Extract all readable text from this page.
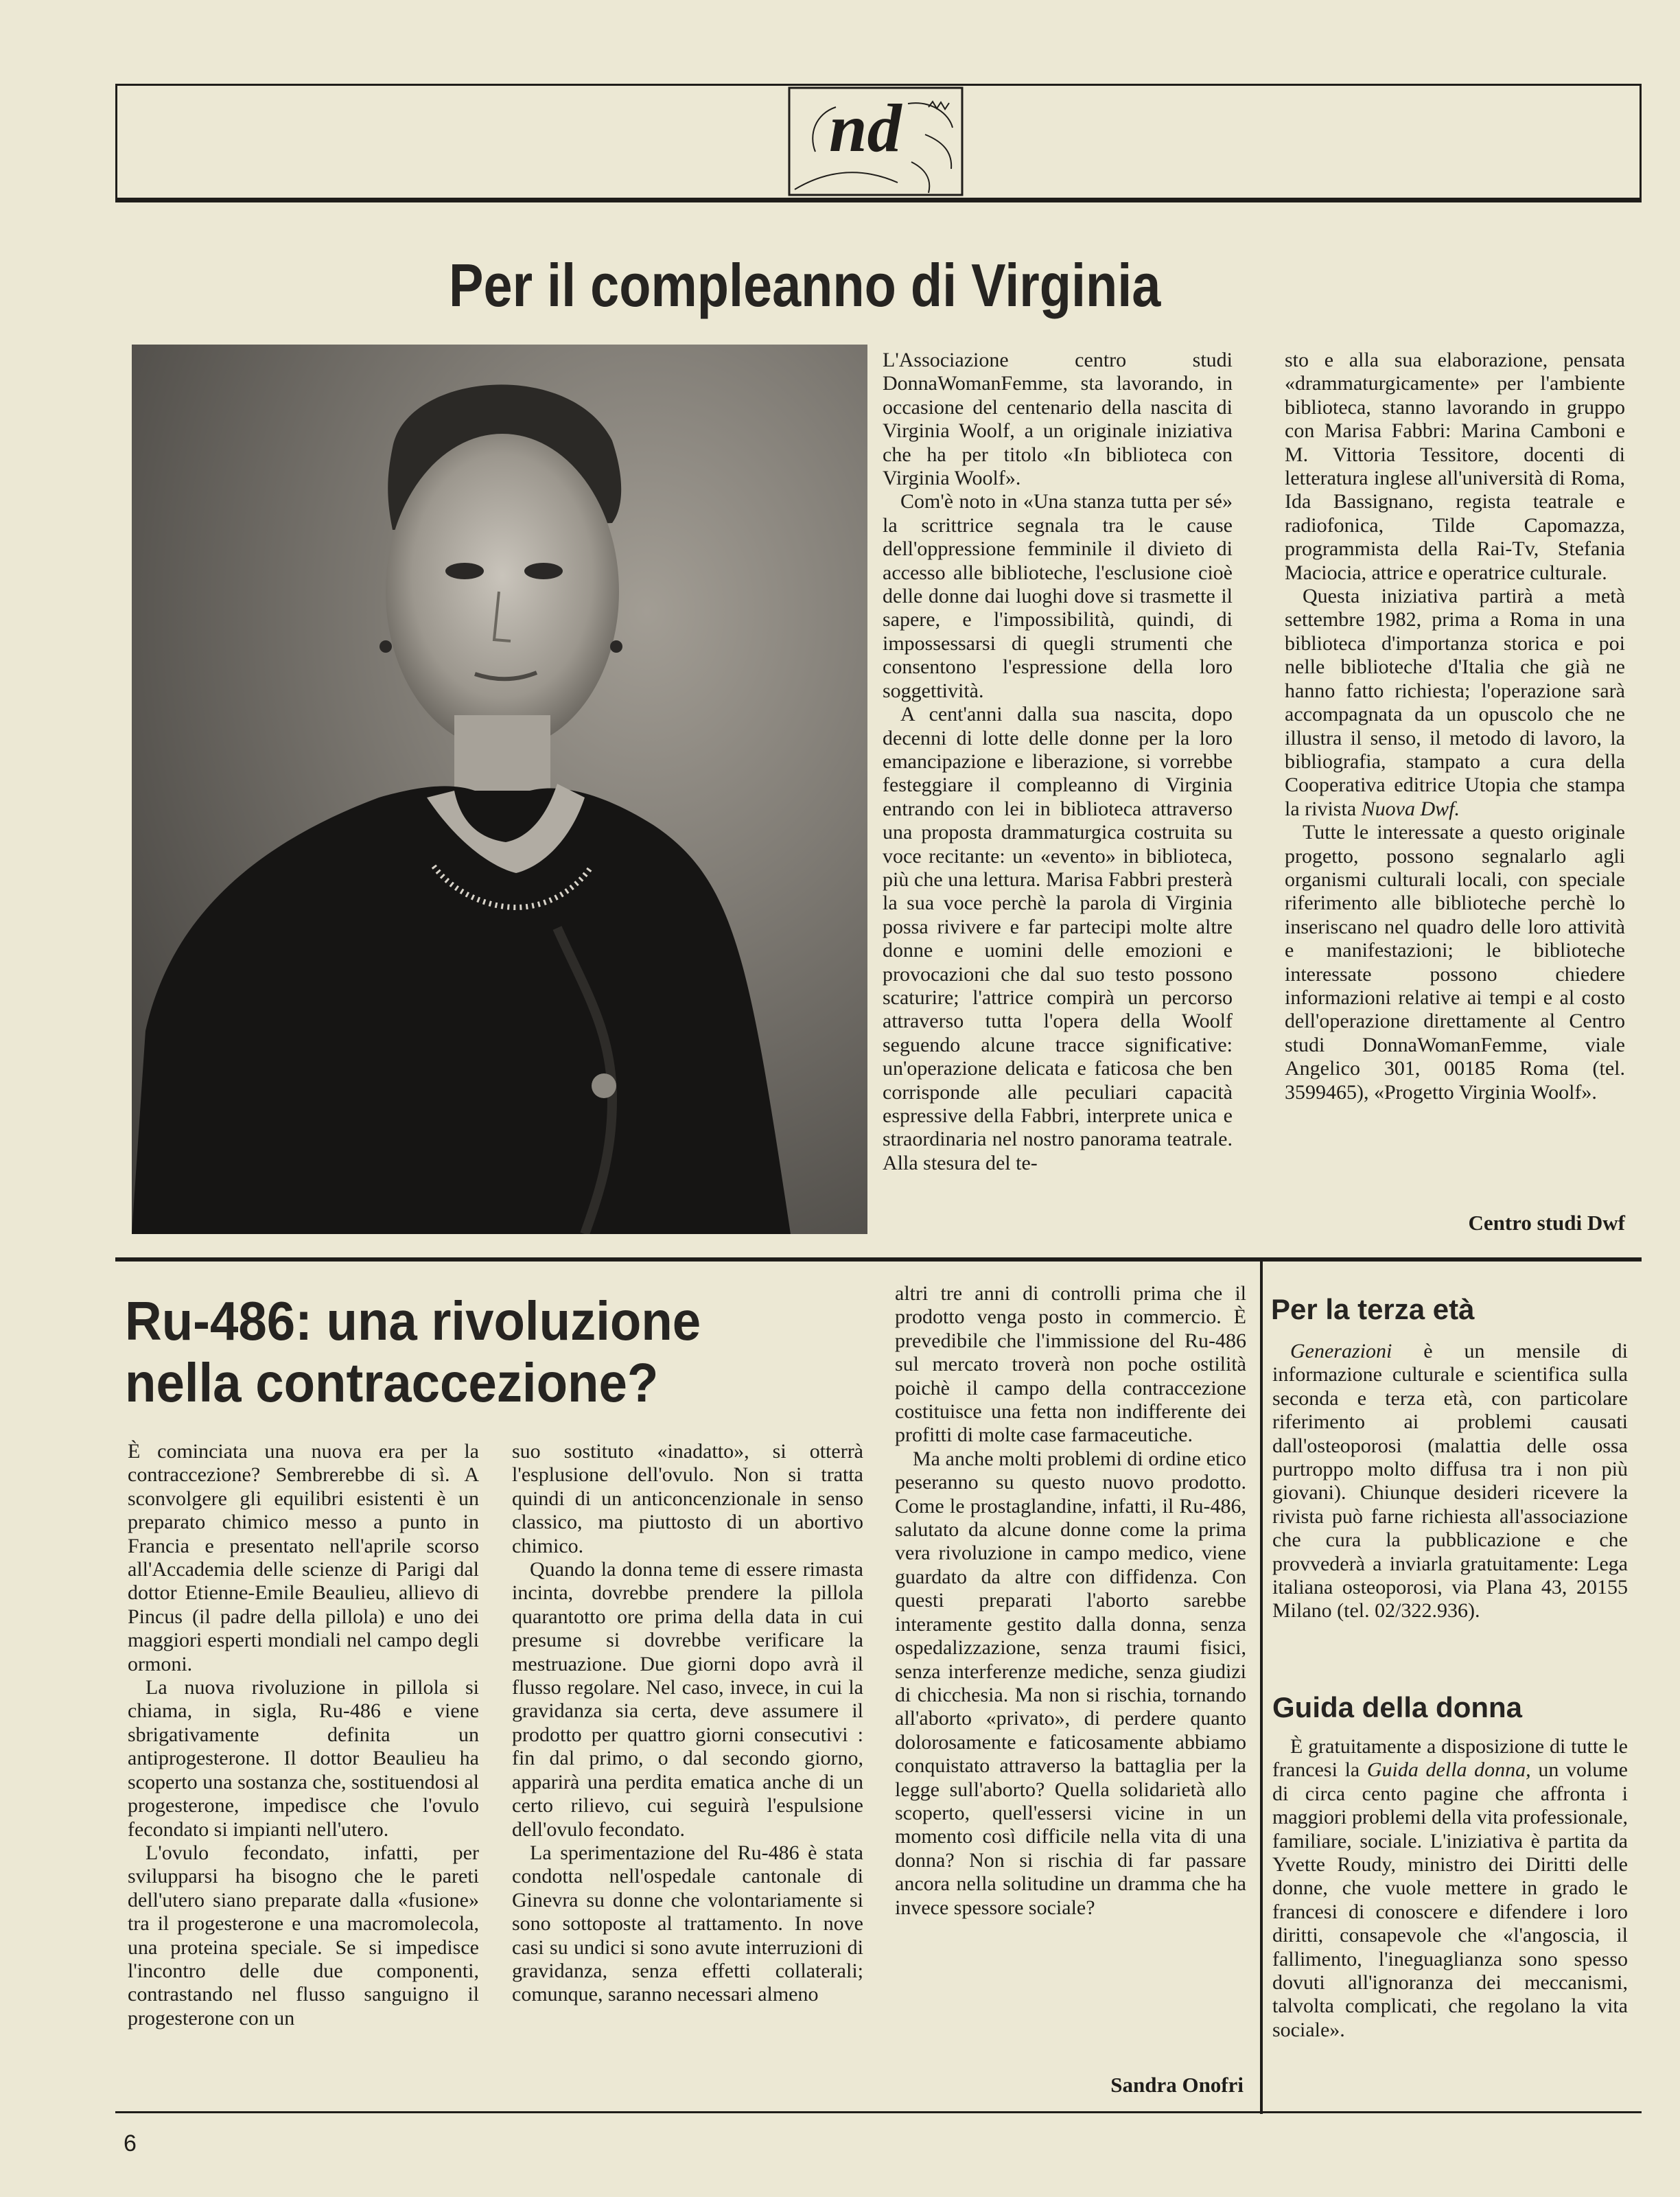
nd
Per il compleanno di Virginia

L'Associazione centro studi DonnaWomanFemme, sta lavorando, in occasione del centenario della nascita di Virginia Woolf, a un originale iniziativa che ha per titolo «In biblioteca con Virginia Woolf».

Com'è noto in «Una stanza tutta per sé» la scrittrice segnala tra le cause dell'oppressione femminile il divieto di accesso alle biblioteche, l'esclusione cioè delle donne dai luoghi dove si trasmette il sapere, e l'impossibilità, quindi, di impossessarsi di quegli strumenti che consentono l'espressione della loro soggettività.

A cent'anni dalla sua nascita, dopo decenni di lotte delle donne per la loro emancipazione e liberazione, si vorrebbe festeggiare il compleanno di Virginia entrando con lei in biblioteca attraverso una proposta drammaturgica costruita su voce recitante: un «evento» in biblioteca, più che una lettura. Marisa Fabbri presterà la sua voce perchè la parola di Virginia possa rivivere e far partecipi molte altre donne e uomini delle emozioni e provocazioni che dal suo testo possono scaturire; l'attrice compirà un percorso attraverso tutta l'opera della Woolf seguendo alcune tracce significative: un'operazione delicata e faticosa che ben corrisponde alle peculiari capacità espressive della Fabbri, interprete unica e straordinaria nel nostro panorama teatrale. Alla stesura del te-

sto e alla sua elaborazione, pensata «drammaturgicamente» per l'ambiente biblioteca, stanno lavorando in gruppo con Marisa Fabbri: Marina Camboni e M. Vittoria Tessitore, docenti di letteratura inglese all'università di Roma, Ida Bassignano, regista teatrale e radiofonica, Tilde Capomazza, programmista della Rai-Tv, Stefania Maciocia, attrice e operatrice culturale.

Questa iniziativa partirà a metà settembre 1982, prima a Roma in una biblioteca d'importanza storica e poi nelle biblioteche d'Italia che già ne hanno fatto richiesta; l'operazione sarà accompagnata da un opuscolo che ne illustra il senso, il metodo di lavoro, la bibliografia, stampato a cura della Cooperativa editrice Utopia che stampa la rivista Nuova Dwf.

Tutte le interessate a questo originale progetto, possono segnalarlo agli organismi culturali locali, con speciale riferimento alle biblioteche perchè lo inseriscano nel quadro delle loro attività e manifestazioni; le biblioteche interessate possono chiedere informazioni relative ai tempi e al costo dell'operazione direttamente al Centro studi DonnaWomanFemme, viale Angelico 301, 00185 Roma (tel. 3599465), «Progetto Virginia Woolf».

Centro studi Dwf
Ru-486: una rivoluzione
nella contraccezione?

È cominciata una nuova era per la contraccezione? Sembrerebbe di sì. A sconvolgere gli equilibri esistenti è un preparato chimico messo a punto in Francia e presentato nell'aprile scorso all'Accademia delle scienze di Parigi dal dottor Etienne-Emile Beaulieu, allievo di Pincus (il padre della pillola) e uno dei maggiori esperti mondiali nel campo degli ormoni.

La nuova rivoluzione in pillola si chiama, in sigla, Ru-486 e viene sbrigativamente definita un antiprogesterone. Il dottor Beaulieu ha scoperto una sostanza che, sostituendosi al progesterone, impedisce che l'ovulo fecondato si impianti nell'utero.

L'ovulo fecondato, infatti, per svilupparsi ha bisogno che le pareti dell'utero siano preparate dalla «fusione» tra il progesterone e una macromolecola, una proteina speciale. Se si impedisce l'incontro delle due componenti, contrastando nel flusso sanguigno il progesterone con un

suo sostituto «inadatto», si otterrà l'esplusione dell'ovulo. Non si tratta quindi di un anticoncenzionale in senso classico, ma piuttosto di un abortivo chimico.

Quando la donna teme di essere rimasta incinta, dovrebbe prendere la pillola quarantotto ore prima della data in cui presume si dovrebbe verificare la mestruazione. Due giorni dopo avrà il flusso regolare. Nel caso, invece, in cui la gravidanza sia certa, deve assumere il prodotto per quattro giorni consecutivi : fin dal primo, o dal secondo giorno, apparirà una perdita ematica anche di un certo rilievo, cui seguirà l'espulsione dell'ovulo fecondato.

La sperimentazione del Ru-486 è stata condotta nell'ospedale cantonale di Ginevra su donne che volontariamente si sono sottoposte al trattamento. In nove casi su undici si sono avute interruzioni di gravidanza, senza effetti collaterali; comunque, saranno necessari almeno

altri tre anni di controlli prima che il prodotto venga posto in commercio. È prevedibile che l'immissione del Ru-486 sul mercato troverà non poche ostilità poichè il campo della contraccezione costituisce una fetta non indifferente dei profitti di molte case farmaceutiche.

Ma anche molti problemi di ordine etico peseranno su questo nuovo prodotto. Come le prostaglandine, infatti, il Ru-486, salutato da alcune donne come la prima vera rivoluzione in campo medico, viene guardato da altre con diffidenza. Con questi preparati l'aborto sarebbe interamente gestito dalla donna, senza ospedalizzazione, senza traumi fisici, senza interferenze mediche, senza giudizi di chicchesia. Ma non si rischia, tornando all'aborto «privato», di perdere quanto dolorosamente e faticosamente abbiamo conquistato attraverso la battaglia per la legge sull'aborto? Quella solidarietà allo scoperto, quell'essersi vicine in un momento così difficile nella vita di una donna? Non si rischia di far passare ancora nella solitudine un dramma che ha invece spessore sociale?

Sandra Onofri
Per la terza età

Generazioni è un mensile di informazione culturale e scientifica sulla seconda e terza età, con particolare riferimento ai problemi causati dall'osteoporosi (malattia delle ossa purtroppo molto diffusa tra i non più giovani). Chiunque desideri ricevere la rivista può farne richiesta all'associazione che cura la pubblicazione e che provvederà a inviarla gratuitamente: Lega italiana osteoporosi, via Plana 43, 20155 Milano (tel. 02/322.936).

Guida della donna

È gratuitamente a disposizione di tutte le francesi la Guida della donna, un volume di circa cento pagine che affronta i maggiori problemi della vita professionale, familiare, sociale. L'iniziativa è partita da Yvette Roudy, ministro dei Diritti delle donne, che vuole mettere in grado le francesi di conoscere e difendere i loro diritti, consapevole che «l'angoscia, il fallimento, l'ineguaglianza sono spesso dovuti all'ignoranza dei meccanismi, talvolta complicati, che regolano la vita sociale».

6
